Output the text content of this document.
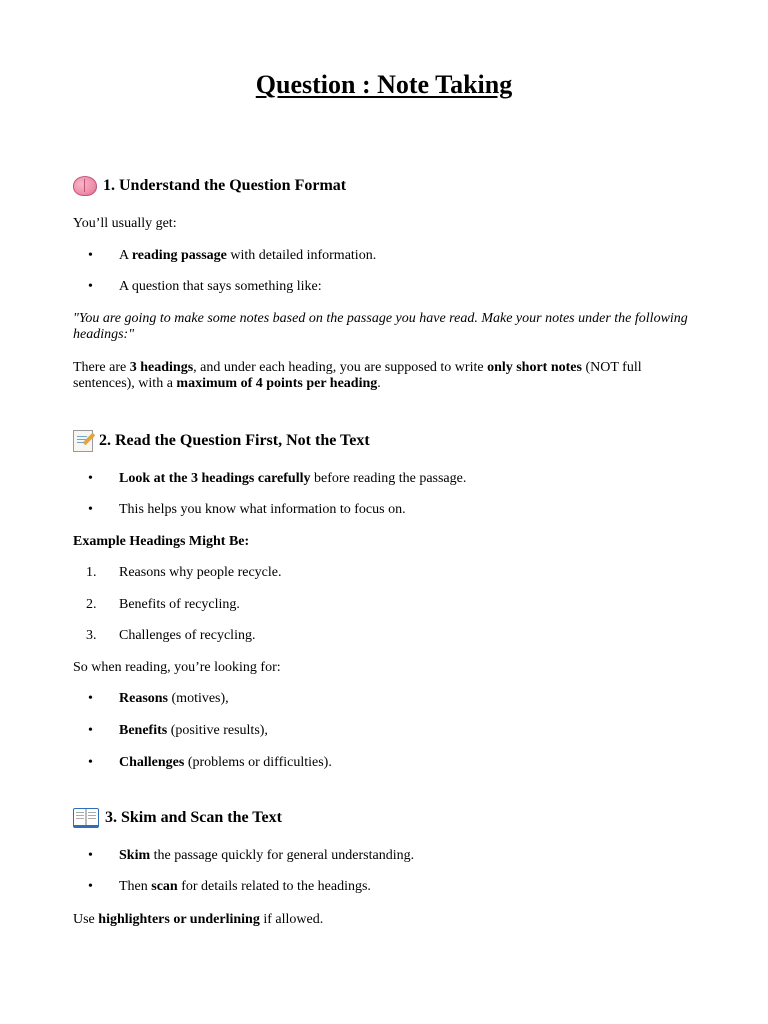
Question : Note Taking
1. Understand the Question Format

You’ll usually get:

• A reading passage with detailed information.

• A question that says something like:

"You are going to make some notes based on the passage you have read. Make your notes under the following headings:"

There are 3 headings, and under each heading, you are supposed to write only short notes (NOT full sentences), with a maximum of 4 points per heading.

2. Read the Question First, Not the Text

• Look at the 3 headings carefully before reading the passage.

• This helps you know what information to focus on.

Example Headings Might Be:

1. Reasons why people recycle.

2. Benefits of recycling.

3. Challenges of recycling.

So when reading, you’re looking for:

• Reasons (motives),

• Benefits (positive results),

• Challenges (problems or difficulties).

3. Skim and Scan the Text

• Skim the passage quickly for general understanding.

• Then scan for details related to the headings.

Use highlighters or underlining if allowed.
